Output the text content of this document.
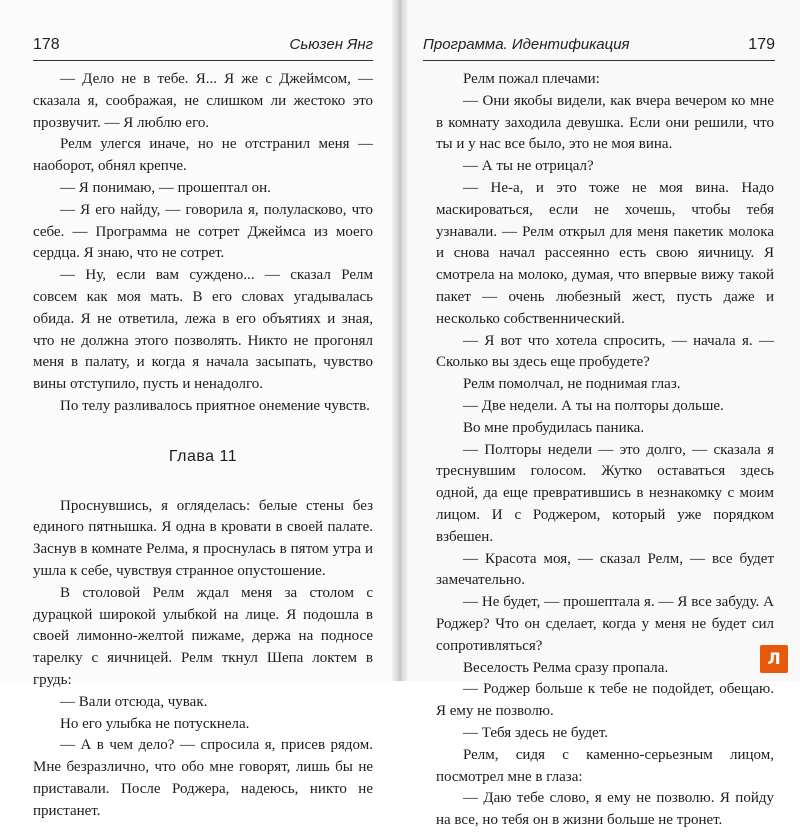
178	Сьюзен Янг

— Дело не в тебе. Я... Я же с Джеймсом, — сказала я, соображая, не слишком ли жестоко это прозвучит. — Я люблю его.

Релм улегся иначе, но не отстранил меня — наоборот, обнял крепче.

— Я понимаю, — прошептал он.

— Я его найду, — говорила я, полуласково, что себе. — Программа не сотрет Джеймса из моего сердца. Я знаю, что не сотрет.

— Ну, если вам суждено... — сказал Релм совсем как моя мать. В его словах угадывалась обида. Я не ответила, лежа в его объятиях и зная, что не должна этого позволять. Никто не прогонял меня в палату, и когда я начала засыпать, чувство вины отступило, пусть и ненадолго.

По телу разливалось приятное онемение чувств.

Глава 11

Проснувшись, я огляделась: белые стены без единого пятнышка. Я одна в кровати в своей палате. Заснув в комнате Релма, я проснулась в пятом утра и ушла к себе, чувствуя странное опустошение.

В столовой Релм ждал меня за столом с дурацкой широкой улыбкой на лице. Я подошла в своей лимонно-желтой пижаме, держа на подносе тарелку с яичницей. Релм ткнул Шепа локтем в грудь:

— Вали отсюда, чувак.

Но его улыбка не потускнела.

— А в чем дело? — спросила я, присев рядом. Мне безразлично, что обо мне говорят, лишь бы не приставали. После Роджера, надеюсь, никто не пристанет.

Программа. Идентификация	179

Релм пожал плечами:

— Они якобы видели, как вчера вечером ко мне в комнату заходила девушка. Если они решили, что ты и у нас все было, это не моя вина.

— А ты не отрицал?

— Не-а, и это тоже не моя вина. Надо маскироваться, если не хочешь, чтобы тебя узнавали. — Релм открыл для меня пакетик молока и снова начал рассеянно есть свою яичницу. Я смотрела на молоко, думая, что впервые вижу такой пакет — очень любезный жест, пусть даже и несколько собственнический.

— Я вот что хотела спросить, — начала я. — Сколько вы здесь еще пробудете?

Релм помолчал, не поднимая глаз.

— Две недели. А ты на полторы дольше.

Во мне пробудилась паника.

— Полторы недели — это долго, — сказала я треснувшим голосом. Жутко оставаться здесь одной, да еще превратившись в незнакомку с моим лицом. И с Роджером, который уже порядком взбешен.

— Красота моя, — сказал Релм, — все будет замечательно.

— Не будет, — прошептала я. — Я все забуду. А Роджер? Что он сделает, когда у меня не будет сил сопротивляться?

Веселость Релма сразу пропала.

— Роджер больше к тебе не подойдет, обещаю. Я ему не позволю.

— Тебя здесь не будет.

Релм, сидя с каменно-серьезным лицом, посмотрел мне в глаза:

— Даю тебе слово, я ему не позволю. Я пойду на все, но тебя он в жизни больше не тронет.

Л
